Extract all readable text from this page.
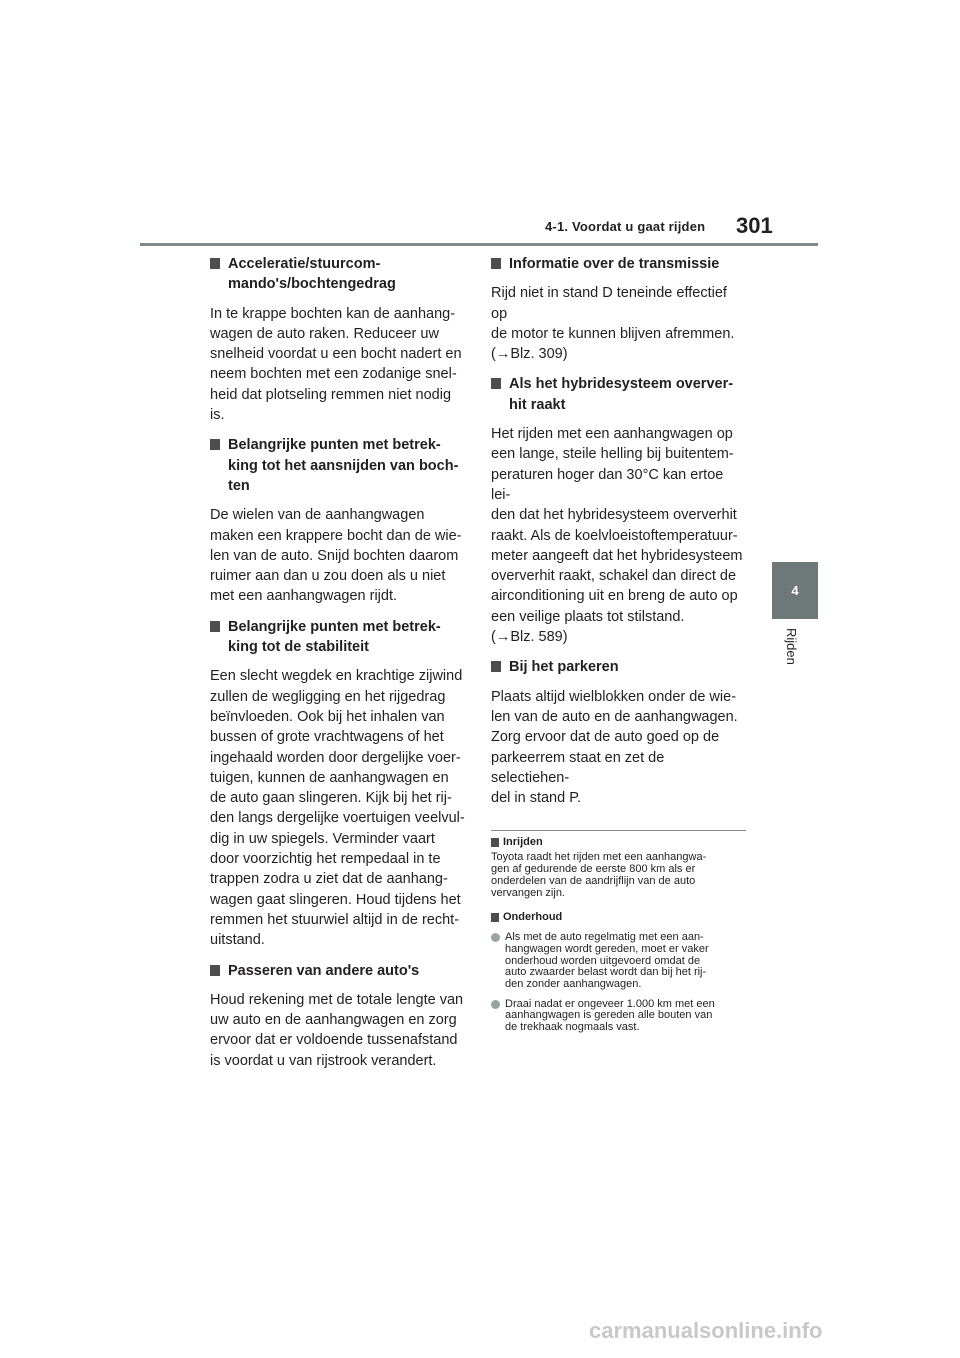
4-1. Voordat u gaat rijden 301
4
Rijden
Acceleratie/stuurcom-
mando's/bochtengedrag
In te krappe bochten kan de aanhang-
wagen de auto raken. Reduceer uw
snelheid voordat u een bocht nadert en
neem bochten met een zodanige snel-
heid dat plotseling remmen niet nodig
is.
Belangrijke punten met betrek-
king tot het aansnijden van boch-
ten
De wielen van de aanhangwagen
maken een krappere bocht dan de wie-
len van de auto. Snijd bochten daarom
ruimer aan dan u zou doen als u niet
met een aanhangwagen rijdt.
Belangrijke punten met betrek-
king tot de stabiliteit
Een slecht wegdek en krachtige zijwind
zullen de wegligging en het rijgedrag
beïnvloeden. Ook bij het inhalen van
bussen of grote vrachtwagens of het
ingehaald worden door dergelijke voer-
tuigen, kunnen de aanhangwagen en
de auto gaan slingeren. Kijk bij het rij-
den langs dergelijke voertuigen veelvul-
dig in uw spiegels. Verminder vaart
door voorzichtig het rempedaal in te
trappen zodra u ziet dat de aanhang-
wagen gaat slingeren. Houd tijdens het
remmen het stuurwiel altijd in de recht-
uitstand.
Passeren van andere auto's
Houd rekening met de totale lengte van
uw auto en de aanhangwagen en zorg
ervoor dat er voldoende tussenafstand
is voordat u van rijstrook verandert.
Informatie over de transmissie
Rijd niet in stand D teneinde effectief op
de motor te kunnen blijven afremmen.
(→Blz. 309)
Als het hybridesysteem overver-
hit raakt
Het rijden met een aanhangwagen op
een lange, steile helling bij buitentem-
peraturen hoger dan 30°C kan ertoe lei-
den dat het hybridesysteem oververhit
raakt. Als de koelvloeistoftemperatuur-
meter aangeeft dat het hybridesysteem
oververhit raakt, schakel dan direct de
airconditioning uit en breng de auto op
een veilige plaats tot stilstand.
(→Blz. 589)
Bij het parkeren
Plaats altijd wielblokken onder de wie-
len van de auto en de aanhangwagen.
Zorg ervoor dat de auto goed op de
parkeerrem staat en zet de selectiehen-
del in stand P.
Inrijden
Toyota raadt het rijden met een aanhangwa-
gen af gedurende de eerste 800 km als er
onderdelen van de aandrijflijn van de auto
vervangen zijn.
Onderhoud
Als met de auto regelmatig met een aan-
hangwagen wordt gereden, moet er vaker
onderhoud worden uitgevoerd omdat de
auto zwaarder belast wordt dan bij het rij-
den zonder aanhangwagen.
Draai nadat er ongeveer 1.000 km met een
aanhangwagen is gereden alle bouten van
de trekhaak nogmaals vast.
carmanualsonline.info
